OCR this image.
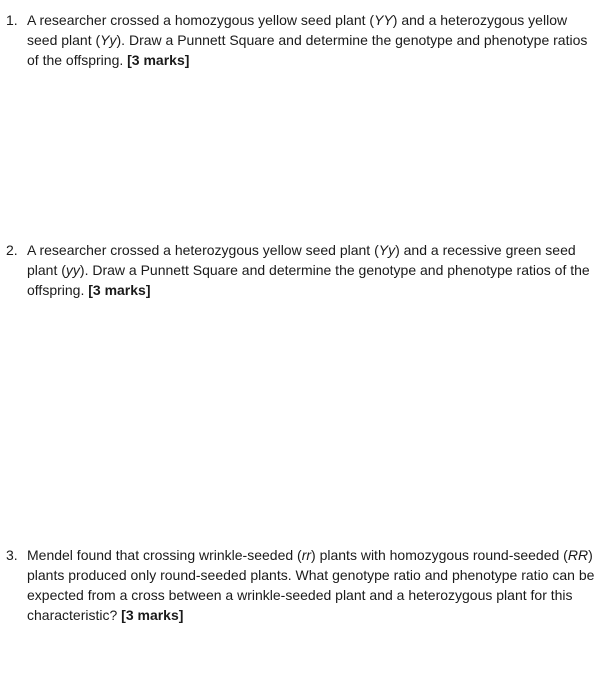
1. A researcher crossed a homozygous yellow seed plant (YY) and a heterozygous yellow seed plant (Yy). Draw a Punnett Square and determine the genotype and phenotype ratios of the offspring. [3 marks]
2. A researcher crossed a heterozygous yellow seed plant (Yy) and a recessive green seed plant (yy). Draw a Punnett Square and determine the genotype and phenotype ratios of the offspring. [3 marks]
3. Mendel found that crossing wrinkle-seeded (rr) plants with homozygous round-seeded (RR) plants produced only round-seeded plants. What genotype ratio and phenotype ratio can be expected from a cross between a wrinkle-seeded plant and a heterozygous plant for this characteristic? [3 marks]
